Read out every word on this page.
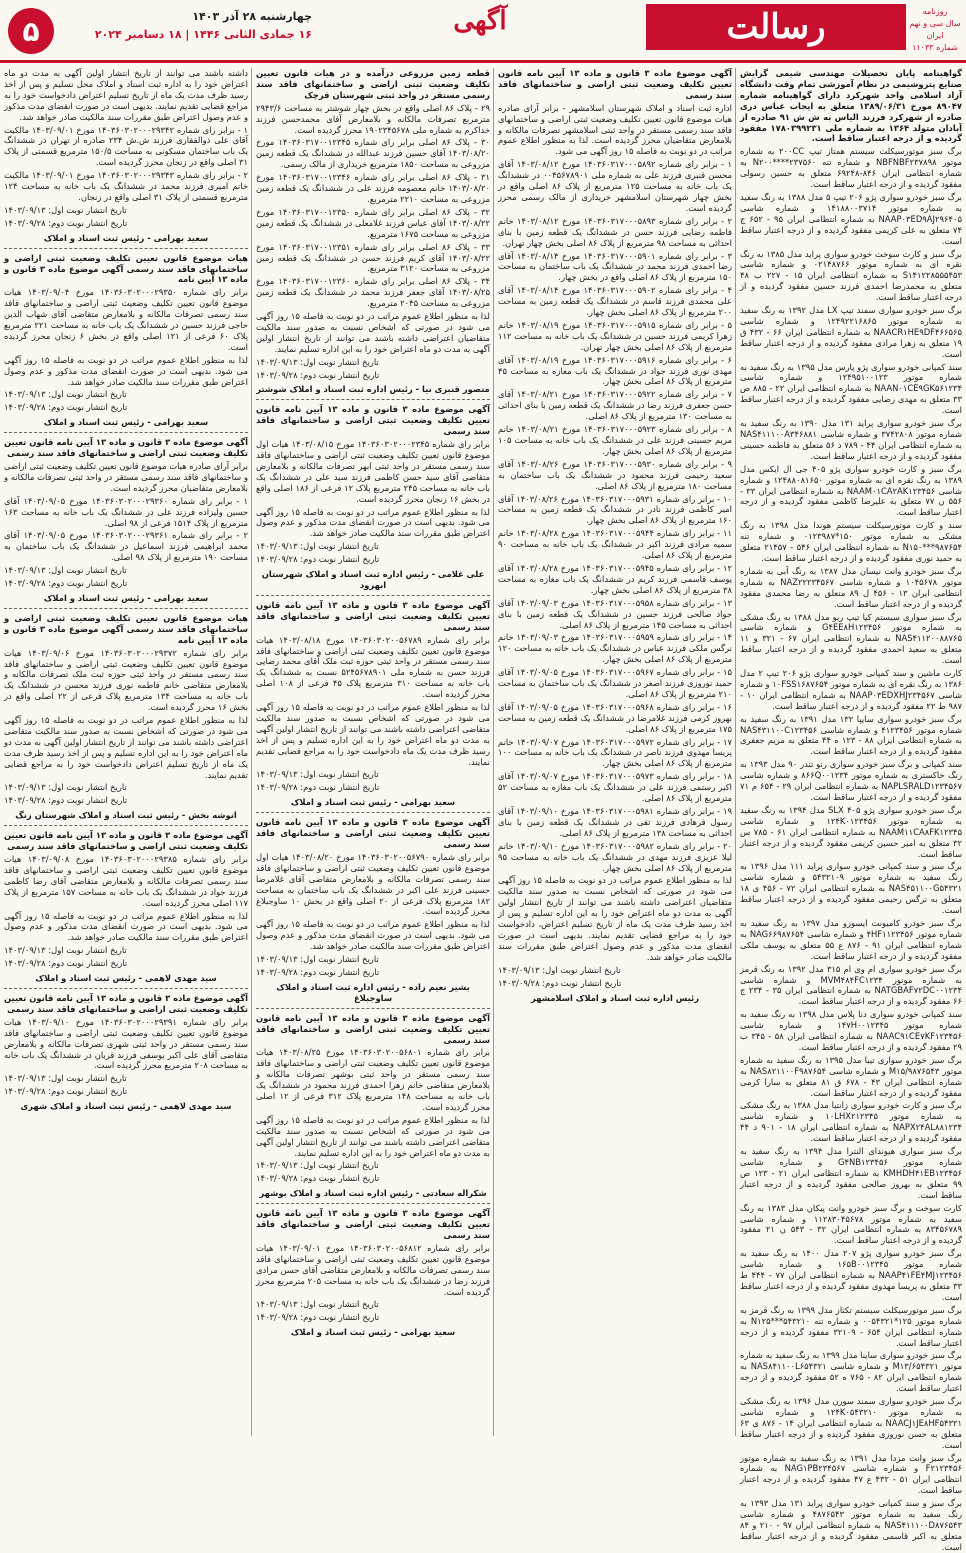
۵	چهارشنبه ۲۸ آذر ۱۴۰۳
۱۶ جمادی الثانی ۱۴۴۶ | ۱۸ دسامبر ۲۰۲۴	آگهی	رسالت	روزنامه
سال سی و نهم
ایران
شماره ۱۱۰۳۳

گواهینامه پایان تحصیلات مهندسی شیمی گرایش صنایع پتروشیمی در نظام آموزشی تمام وقت دانشگاه آزاد اسلامی واحد شهرکرد دارای گواهینامه شماره ۸۹۰۴۷ مورخ ۱۳۸۹/۰۶/۳۱ متعلق به ایجاب عباس دری صادره از شهرکرد فرزند الیاس به ش ش ۹۱ صادره از آبادان متولد ۱۳۶۴ به شماره ملی ۱۷۸۰۳۹۹۲۳۱ مفقود گردیده و از درجه اعتبار ساقط است.

برگ سبز موتورسیکلت سیستم همتاز تیپ ۲۰۰CC به شماره موتور NBFNBF۲۳۷۸۹۸ و شماره تنه N۲۰۰****۲۳۷۵۶۰ به شماره انتظامی ایران ۸۴۶-۶۹۲۴۸ متعلق به حسین رسولی مفقود گردیده و از درجه اعتبار ساقط است.

برگ سبز خودرو سواری پژو ۲۰۶ تیپ ۵ مدل ۱۳۸۸ به رنگ سفید به شماره موتور ۱۴۱۸۸۰۰۳۷۱۴ و شماره شاسی NAAP۰۳ED۹AJ۲۹۶۴۰۵ به شماره انتظامی ایران ۹۵ - ۶۵۲ ج ۷۴ متعلق به علی کریمی مفقود گردیده و از درجه اعتبار ساقط است.

برگ سبز و کارت سوخت خودرو سواری پراید مدل ۱۳۸۵ به رنگ نقره ای به شماره موتور ۰۲۱۴۸۷۶۶ و شماره شاسی S۱۴۱۲۲۸۵۵۵۴۵۳ به شماره انتظامی ایران ۱۵ - ۲۲۷ ب ۴۸ متعلق به محمدرضا احمدی فرزند حسین مفقود گردیده و از درجه اعتبار ساقط است.

برگ سبز خودرو سواری سمند تیپ LX مدل ۱۳۹۲ به رنگ سفید به شماره موتور ۱۲۴۹۲۲۱۶۸۶۵ و شماره شاسی NAACR۱HE۹DF۴۶۶۵۶۵ به شماره انتظامی ایران ۶۶ - ۴۳۲ ق ۱۹ متعلق به زهرا مرادی مفقود گردیده و از درجه اعتبار ساقط است.

سند کمپانی خودرو سواری پژو پارس مدل ۱۳۹۵ به رنگ سفید به شماره موتور ۱۲۴۹۵۱۰۰۱۲۳ و شماره شاسی NAAN۰۱CE۹GK۵۶۱۲۳۴ به شماره انتظامی ایران ۲۲ - ۸۸۵ ص ۳۳ متعلق به مهدی رضایی مفقود گردیده و از درجه اعتبار ساقط است.

برگ سبز خودرو سواری پراید ۱۳۱ مدل ۱۳۹۰ به رنگ سفید به شماره موتور ۳۷۴۲۸۰۸ و شماره شاسی NAS۴۱۱۱۰۰A۳۴۶۸۸۱ به شماره انتظامی ایران ۴۴ - ۷۸۹ د ۵۶ متعلق به فاطمه حسینی مفقود گردیده و از درجه اعتبار ساقط است.

برگ سبز و کارت خودرو سواری پژو ۴۰۵ جی ال ایکس مدل ۱۳۸۹ به رنگ نقره ای به شماره موتور ۱۲۴۸۸۰۸۱۶۵۰ و شماره شاسی NAAM۰۱CA۲AK۱۲۳۴۵۶ به شماره انتظامی ایران ۳۳ - ۵۵۶ ن ۷۷ متعلق به علیرضا کاظمی مفقود گردیده و از درجه اعتبار ساقط است.

سند و کارت موتورسیکلت سیستم هوندا مدل ۱۳۹۸ به رنگ مشکی به شماره موتور ۱۵۰*۰۱۲۳۹۸۷ و شماره تنه N۱۵۰***۹۸۷۶۵۴ به شماره انتظامی ایران ۵۴۶ - ۲۱۴۵۷ متعلق به حمید نوری مفقود گردیده و از درجه اعتبار ساقط است.

برگ سبز خودرو وانت نیسان مدل ۱۳۸۷ به رنگ آبی به شماره موتور ۱۰۴۵۶۷۸ و شماره شاسی NAZ۲۲۲۳۴۵۶۷ به شماره انتظامی ایران ۱۳ - ۴۵۶ ل ۸۹ متعلق به رضا محمدی مفقود گردیده و از درجه اعتبار ساقط است.

برگ سبز سواری سیستم کیا تیپ ریو مدل ۱۳۸۸ به رنگ مشکی به شماره موتور G۴EE۸H۱۲۳۴۵۶ و شماره شاسی NAS۴۱۱۲۰۰۸۸۷۶۵ به شماره انتظامی ایران ۶۷ - ۳۲۱ و ۱۱ متعلق به سعید احمدی مفقود گردیده و از درجه اعتبار ساقط است.

کارت ماشین و سند کمپانی خودرو سواری پژو ۲۰۶ تیپ ۲ مدل ۱۳۸۶ به رنگ نقره ای به شماره موتور ۱۰FSS۱۶۸۷۶۵۴ و شماره شاسی NAAP۰۳EDXHJ۲۳۴۵۶۷ به شماره انتظامی ایران ۱۰ - ۹۸۷ ط ۲۲ مفقود گردیده و از درجه اعتبار ساقط است.

برگ سبز خودرو سواری سایپا ۱۳۲ مدل ۱۳۹۱ به رنگ سفید به شماره موتور ۴۱۲۳۴۵۶ و شماره شاسی NAS۴۳۱۱۰۰C۱۲۳۴۵۶ به شماره انتظامی ایران ۸۸ - ۱۲۳ ه ۴۴ متعلق به مریم جعفری مفقود گردیده و از درجه اعتبار ساقط است.

سند کمپانی و برگ سبز خودرو سواری رنو تندر ۹۰ مدل ۱۳۹۳ به رنگ خاکستری به شماره موتور ۸۶۶Q۰۰۱۲۳۴ و شماره شاسی NAPLSRALD۱۲۳۴۵۶۷ به شماره انتظامی ایران ۲۹ - ۶۵۴ م ۷۱ مفقود گردیده و از درجه اعتبار ساقط است.

برگ سبز خودرو سواری پژو ۴۰۵ SLX مدل ۱۳۹۴ به رنگ سفید به شماره موتور ۱۲۴K۰۱۲۳۴۵۶ و شماره شاسی NAAM۱۱CA۸FK۱۲۳۴۵ به شماره انتظامی ایران ۶۱ - ۷۸۵ س ۳۲ متعلق به امیر حسین کریمی مفقود گردیده و از درجه اعتبار ساقط است.

برگ سبز و سند کمپانی خودرو سواری پراید ۱۱۱ مدل ۱۳۹۶ به رنگ سفید به شماره موتور ۵۴۳۲۱۰۹ و شماره شاسی NAS۴۵۱۱۰۰G۵۴۳۲۱ به شماره انتظامی ایران ۷۲ - ۴۵۶ ی ۱۸ متعلق به نرگس رحیمی مفقود گردیده و از درجه اعتبار ساقط است.

برگ سبز خودرو کامیونت ایسوزو مدل ۱۳۹۷ به رنگ سفید به شماره موتور ۴HF۱۱۲۳۴۵۶ و شماره شاسی NAG۶۶۹۸۷۶۵۴ به شماره انتظامی ایران ۹۱ - ۸۷۶ ع ۵۵ متعلق به یوسف ملکی مفقود گردیده و از درجه اعتبار ساقط است.

برگ سبز خودرو سواری ام وی ام ۳۱۵ مدل ۱۳۹۲ به رنگ قرمز به شماره موتور MVM۴۸۴FC۱۲۳۴ و شماره شاسی NATGBAF۷۲DC۰۰۱۲۳۴ به شماره انتظامی ایران ۳۵ - ۲۳۴ ج ۶۶ مفقود گردیده و از درجه اعتبار ساقط است.

سند کمپانی خودرو سواری دنا پلاس مدل ۱۳۹۸ به رنگ سفید به شماره موتور ۱۴۷H۰۰۱۲۳۴۵ و شماره شاسی NAAC۹۱CE۷KF۱۲۳۴۵۶ به شماره انتظامی ایران ۵۸ - ۳۴۵ ب ۲۹ مفقود گردیده و از درجه اعتبار ساقط است.

برگ سبز خودرو سواری تیبا مدل ۱۳۹۵ به رنگ سفید به شماره موتور M۱۵/۹۸۷۶۵۴۳ و شماره شاسی NAS۸۲۱۱۰۰F۹۸۷۶۵۴ به شماره انتظامی ایران ۴۳ - ۶۷۸ ق ۸۱ متعلق به سارا کرمی مفقود گردیده و از درجه اعتبار ساقط است.

برگ سبز و کارت خودرو سواری زانتیا مدل ۱۳۸۸ به رنگ مشکی به شماره موتور ۱۰LHX۲۱۲۳۴۵ و شماره شاسی NAPX۲۴AL۸۸۱۲۳۴ به شماره انتظامی ایران ۱۸ - ۹۰۱ د ۴۴ مفقود گردیده و از درجه اعتبار ساقط است.

برگ سبز سواری هیوندای النترا مدل ۱۳۹۴ به رنگ سفید به شماره موتور G۴NB۱۲۳۴۵۶ و شماره شاسی KMHDH۴۱EB۱۲۳۴۵۶ به شماره انتظامی ایران ۲۱ - ۱۲۳ ص ۹۹ متعلق به بهروز صالحی مفقود گردیده و از درجه اعتبار ساقط است.

کارت سوخت و برگ سبز خودرو وانت پیکان مدل ۱۳۸۳ به رنگ سفید به شماره موتور ۱۱۲۸۳۰۴۵۶۷۸ و شماره شاسی ۸۳۴۵۶۷۸۹ به شماره انتظامی ایران ۳۲ - ۵۴۳ ن ۲۱ مفقود گردیده و از درجه اعتبار ساقط است.

برگ سبز خودرو سواری پژو ۲۰۷ مدل ۱۴۰۰ به رنگ سفید به شماره موتور ۱۶۵B۰۰۱۲۳۴۵ و شماره شاسی NAAP۴۱FE۴MJ۱۲۳۴۵۶ به شماره انتظامی ایران ۷۷ - ۴۴۴ ط ۳۳ متعلق به پریسا مهدوی مفقود گردیده و از درجه اعتبار ساقط است.

برگ سبز موتورسیکلت سیستم تکتاز مدل ۱۳۹۹ به رنگ قرمز به شماره موتور ۱۲۵*۰۰۵۴۳۲۱ و شماره تنه N۱۲۵***۵۴۳۲۱۰ به شماره انتظامی ایران ۶۵۴ - ۳۲۱۰۹ مفقود گردیده و از درجه اعتبار ساقط است.

برگ سبز خودرو سواری ساینا مدل ۱۳۹۹ به رنگ سفید به شماره موتور M۱۳/۶۵۴۳۲۱ و شماره شاسی NAS۸۴۱۱۰۰L۶۵۴۳۲۱ به شماره انتظامی ایران ۸۲ - ۷۶۵ ه ۵۲ مفقود گردیده و از درجه اعتبار ساقط است.

برگ سبز خودرو سواری سمند سورن مدل ۱۳۹۶ به رنگ مشکی به شماره موتور ۱۲۴K۰۵۴۳۲۱۰ و شماره شاسی NAACJ۱JE۸HF۵۴۳۲۱ به شماره انتظامی ایران ۱۴ - ۸۷۶ ی ۶۳ متعلق به حسن نوروزی مفقود گردیده و از درجه اعتبار ساقط است.

برگ سبز وانت مزدا مدل ۱۳۹۱ به رنگ سفید به شماره موتور F۲۱۲۳۴۵۶ و شماره شاسی NAG۱PB۲۳۴۵۶۷ به شماره انتظامی ایران ۵۱ - ۴۳۲ ع ۴۷ مفقود گردیده و از درجه اعتبار ساقط است.

برگ سبز و سند کمپانی خودرو سواری پراید ۱۳۱ مدل ۱۳۹۳ به رنگ سفید به شماره موتور ۴۸۷۶۵۴۳ و شماره شاسی NAS۴۱۱۱۰۰D۸۷۶۵۴۳ به شماره انتظامی ایران ۹۷ - ۲۱۰ و ۸۴ متعلق به اکبر قاسمی مفقود گردیده و از درجه اعتبار ساقط است.

آگهی موضوع ماده ۳ قانون و ماده ۱۳ آیین نامه قانون تعیین تکلیف وضعیت ثبتی اراضی و ساختمانهای فاقد سند رسمی

اداره ثبت اسناد و املاک شهرستان اسلامشهر - برابر آرای صادره هیات موضوع قانون تعیین تکلیف وضعیت ثبتی اراضی و ساختمانهای فاقد سند رسمی مستقر در واحد ثبتی اسلامشهر تصرفات مالکانه و بلامعارض متقاضیان محرز گردیده است. لذا به منظور اطلاع عموم مراتب در دو نوبت به فاصله ۱۵ روز آگهی می شود.

۱ - برابر رای شماره ۱۴۰۳۶۰۳۱۷۰۰۰۵۸۹۲ مورخ ۱۴۰۳/۰۸/۱۲ آقای محسن قنبری فرزند علی به شماره ملی ۰۰۴۵۶۷۸۹۰۱ در ششدانگ یک باب خانه به مساحت ۱۲۵ مترمربع از پلاک ۸۶ اصلی واقع در بخش چهار شهرستان اسلامشهر خریداری از مالک رسمی محرز گردیده است.

۲ - برابر رای شماره ۱۴۰۳۶۰۳۱۷۰۰۰۵۸۹۳ مورخ ۱۴۰۳/۰۸/۱۲ خانم فاطمه رضایی فرزند حسن در ششدانگ یک قطعه زمین با بنای احداثی به مساحت ۹۸ مترمربع از پلاک ۸۶ اصلی بخش چهار تهران.

۳ - برابر رای شماره ۱۴۰۳۶۰۳۱۷۰۰۰۵۹۰۱ مورخ ۱۴۰۳/۰۸/۱۴ آقای رضا احمدی فرزند محمد در ششدانگ یک باب ساختمان به مساحت ۱۵۰ مترمربع از پلاک ۸۶ اصلی واقع در بخش چهار.

۴ - برابر رای شماره ۱۴۰۳۶۰۳۱۷۰۰۰۵۹۰۲ مورخ ۱۴۰۳/۰۸/۱۴ آقای علی محمدی فرزند قاسم در ششدانگ یک قطعه زمین به مساحت ۲۰۰ مترمربع از پلاک ۸۶ اصلی بخش چهار.

۵ - برابر رای شماره ۱۴۰۳۶۰۳۱۷۰۰۰۵۹۱۵ مورخ ۱۴۰۳/۰۸/۱۹ خانم زهرا کریمی فرزند حسین در ششدانگ یک باب خانه به مساحت ۱۱۲ مترمربع از پلاک ۸۶ اصلی بخش چهار تهران.

۶ - برابر رای شماره ۱۴۰۳۶۰۳۱۷۰۰۰۵۹۱۶ مورخ ۱۴۰۳/۰۸/۱۹ آقای مهدی نوری فرزند جواد در ششدانگ یک باب مغازه به مساحت ۴۵ مترمربع از پلاک ۸۶ اصلی بخش چهار.

۷ - برابر رای شماره ۱۴۰۳۶۰۳۱۷۰۰۰۵۹۲۲ مورخ ۱۴۰۳/۰۸/۲۱ آقای حسن جعفری فرزند رضا در ششدانگ یک قطعه زمین با بنای احداثی به مساحت ۱۳۰ مترمربع از پلاک ۸۶ اصلی.

۸ - برابر رای شماره ۱۴۰۳۶۰۳۱۷۰۰۰۵۹۲۳ مورخ ۱۴۰۳/۰۸/۲۱ خانم مریم حسینی فرزند علی در ششدانگ یک باب خانه به مساحت ۱۰۵ مترمربع از پلاک ۸۶ اصلی بخش چهار.

۹ - برابر رای شماره ۱۴۰۳۶۰۳۱۷۰۰۰۵۹۳۰ مورخ ۱۴۰۳/۰۸/۲۶ آقای سعید رحیمی فرزند محمود در ششدانگ یک باب ساختمان به مساحت ۱۸۰ مترمربع از پلاک ۸۶ اصلی.

۱۰ - برابر رای شماره ۱۴۰۳۶۰۳۱۷۰۰۰۵۹۳۱ مورخ ۱۴۰۳/۰۸/۲۶ آقای امیر کاظمی فرزند نادر در ششدانگ یک قطعه زمین به مساحت ۱۶۰ مترمربع از پلاک ۸۶ اصلی بخش چهار.

۱۱ - برابر رای شماره ۱۴۰۳۶۰۳۱۷۰۰۰۵۹۴۴ مورخ ۱۴۰۳/۰۸/۲۸ خانم سمیه مرادی فرزند اکبر در ششدانگ یک باب خانه به مساحت ۹۰ مترمربع از پلاک ۸۶ اصلی.

۱۲ - برابر رای شماره ۱۴۰۳۶۰۳۱۷۰۰۰۵۹۴۵ مورخ ۱۴۰۳/۰۸/۲۸ آقای یوسف قاسمی فرزند کریم در ششدانگ یک باب مغازه به مساحت ۳۸ مترمربع از پلاک ۸۶ اصلی بخش چهار.

۱۳ - برابر رای شماره ۱۴۰۳۶۰۳۱۷۰۰۰۵۹۵۸ مورخ ۱۴۰۳/۰۹/۰۳ آقای جواد صالحی فرزند حسین در ششدانگ یک قطعه زمین با بنای احداثی به مساحت ۱۴۵ مترمربع از پلاک ۸۶ اصلی.

۱۴ - برابر رای شماره ۱۴۰۳۶۰۳۱۷۰۰۰۵۹۵۹ مورخ ۱۴۰۳/۰۹/۰۳ خانم نرگس ملکی فرزند عباس در ششدانگ یک باب خانه به مساحت ۱۲۰ مترمربع از پلاک ۸۶ اصلی بخش چهار.

۱۵ - برابر رای شماره ۱۴۰۳۶۰۳۱۷۰۰۰۵۹۶۷ مورخ ۱۴۰۳/۰۹/۰۵ آقای حمید نوروزی فرزند اصغر در ششدانگ یک باب ساختمان به مساحت ۲۱۰ مترمربع از پلاک ۸۶ اصلی.

۱۶ - برابر رای شماره ۱۴۰۳۶۰۳۱۷۰۰۰۵۹۶۸ مورخ ۱۴۰۳/۰۹/۰۵ آقای بهروز کرمی فرزند غلامرضا در ششدانگ یک قطعه زمین به مساحت ۱۷۵ مترمربع از پلاک ۸۶ اصلی.

۱۷ - برابر رای شماره ۱۴۰۳۶۰۳۱۷۰۰۰۵۹۷۲ مورخ ۱۴۰۳/۰۹/۰۷ خانم پریسا مهدوی فرزند ناصر در ششدانگ یک باب خانه به مساحت ۱۰۰ مترمربع از پلاک ۸۶ اصلی بخش چهار.

۱۸ - برابر رای شماره ۱۴۰۳۶۰۳۱۷۰۰۰۵۹۷۳ مورخ ۱۴۰۳/۰۹/۰۷ آقای اکبر رستمی فرزند علی در ششدانگ یک باب مغازه به مساحت ۵۲ مترمربع از پلاک ۸۶ اصلی.

۱۹ - برابر رای شماره ۱۴۰۳۶۰۳۱۷۰۰۰۵۹۸۱ مورخ ۱۴۰۳/۰۹/۱۰ آقای رسول فرهادی فرزند تقی در ششدانگ یک قطعه زمین با بنای احداثی به مساحت ۱۳۸ مترمربع از پلاک ۸۶ اصلی.

۲۰ - برابر رای شماره ۱۴۰۳۶۰۳۱۷۰۰۰۵۹۸۲ مورخ ۱۴۰۳/۰۹/۱۰ خانم لیلا عزیزی فرزند مهدی در ششدانگ یک باب خانه به مساحت ۹۵ مترمربع از پلاک ۸۶ اصلی بخش چهار.

لذا به منظور اطلاع عموم مراتب در دو نوبت به فاصله ۱۵ روز آگهی می شود در صورتی که اشخاص نسبت به صدور سند مالکیت متقاضیان اعتراضی داشته باشند می توانند از تاریخ انتشار اولین آگهی به مدت دو ماه اعتراض خود را به این اداره تسلیم و پس از اخذ رسید ظرف مدت یک ماه از تاریخ تسلیم اعتراض، دادخواست خود را به مراجع قضایی تقدیم نمایند. بدیهی است در صورت انقضای مدت مذکور و عدم وصول اعتراض طبق مقررات سند مالکیت صادر خواهد شد.

تاریخ انتشار نوبت اول: ۱۴۰۳/۰۹/۱۳

تاریخ انتشار نوبت دوم: ۱۴۰۳/۰۹/۲۸

رئیس اداره ثبت اسناد و املاک اسلامشهر

قطعه زمین مزروعی درآمده و در هیات قانون تعیین تکلیف وضعیت ثبتی اراضی و ساختمانهای فاقد سند رسمی مستقر در واحد ثبتی شهرستان قرچک

۲۹ - پلاک ۸۶ اصلی واقع در بخش چهار شوشتر به مساحت ۲۹۴۳/۶ مترمربع تصرفات مالکانه و بلامعارض آقای محمدحسن فرزند خداکرم به شماره ملی ۱۹۰۲۳۴۵۶۷۸ محرز گردیده است.

۳۰ - پلاک ۸۶ اصلی برابر رای شماره ۱۴۰۳۶۰۳۱۷۰۰۱۲۳۴۵ مورخ ۱۴۰۳/۰۸/۲۰ آقای حسین فرزند عبدالله در ششدانگ یک قطعه زمین مزروعی به مساحت ۱۸۵۰ مترمربع خریداری از مالک رسمی.

۳۱ - پلاک ۸۶ اصلی برابر رای شماره ۱۴۰۳۶۰۳۱۷۰۰۱۲۳۴۶ مورخ ۱۴۰۳/۰۸/۲۰ خانم معصومه فرزند علی در ششدانگ یک قطعه زمین مزروعی به مساحت ۲۲۱۰ مترمربع.

۳۲ - پلاک ۸۶ اصلی برابر رای شماره ۱۴۰۳۶۰۳۱۷۰۰۱۲۳۵۰ مورخ ۱۴۰۳/۰۸/۲۲ آقای عباس فرزند غلامعلی در ششدانگ یک قطعه زمین مزروعی به مساحت ۱۶۷۵ مترمربع.

۳۳ - پلاک ۸۶ اصلی برابر رای شماره ۱۴۰۳۶۰۳۱۷۰۰۱۲۳۵۱ مورخ ۱۴۰۳/۰۸/۲۲ آقای کریم فرزند حسن در ششدانگ یک قطعه زمین مزروعی به مساحت ۳۱۲۰ مترمربع.

۳۴ - پلاک ۸۶ اصلی برابر رای شماره ۱۴۰۳۶۰۳۱۷۰۰۱۲۳۶۰ مورخ ۱۴۰۳/۰۸/۲۵ آقای جعفر فرزند محمد در ششدانگ یک قطعه زمین مزروعی به مساحت ۲۰۴۵ مترمربع.

لذا به منظور اطلاع عموم مراتب در دو نوبت به فاصله ۱۵ روز آگهی می شود در صورتی که اشخاص نسبت به صدور سند مالکیت متقاضیان اعتراضی داشته باشند می توانند از تاریخ انتشار اولین آگهی به مدت دو ماه اعتراض خود را به این اداره تسلیم نمایند.

تاریخ انتشار نوبت اول: ۱۴۰۳/۰۹/۱۳

تاریخ انتشار نوبت دوم: ۱۴۰۳/۰۹/۲۸

منصور قنبری نیا - رئیس اداره ثبت اسناد و املاک شوشتر

آگهی موضوع ماده ۳ قانون و ماده ۱۳ آیین نامه قانون تعیین تکلیف وضعیت ثبتی اراضی و ساختمانهای فاقد سند رسمی

برابر رای شماره ۱۴۰۳۶۰۳۰۲۰۰۰۲۳۴۵ مورخ ۱۴۰۳/۰۸/۱۵ هیات اول موضوع قانون تعیین تکلیف وضعیت ثبتی اراضی و ساختمانهای فاقد سند رسمی مستقر در واحد ثبتی ابهر تصرفات مالکانه و بلامعارض متقاضی آقای سید حسن کاظمی فرزند سید علی در ششدانگ یک باب خانه به مساحت ۲۴۵ مترمربع پلاک ۱۲ فرعی از ۱۸۶ اصلی واقع در بخش ۱۶ زنجان محرز گردیده است.

لذا به منظور اطلاع عموم مراتب در دو نوبت به فاصله ۱۵ روز آگهی می شود. بدیهی است در صورت انقضای مدت مذکور و عدم وصول اعتراض طبق مقررات سند مالکیت صادر خواهد شد.

تاریخ انتشار نوبت اول: ۱۴۰۳/۰۹/۱۳

تاریخ انتشار نوبت دوم: ۱۴۰۳/۰۹/۲۸

علی غلامی - رئیس اداره ثبت اسناد و املاک شهرستان ابهرود

آگهی موضوع ماده ۳ قانون و ماده ۱۳ آیین نامه قانون تعیین تکلیف وضعیت ثبتی اراضی و ساختمانهای فاقد سند رسمی

برابر رای شماره ۱۴۰۳۶۰۳۰۲۰۰۵۶۷۸۹ مورخ ۱۴۰۳/۰۸/۱۸ هیات موضوع قانون تعیین تکلیف وضعیت ثبتی اراضی و ساختمانهای فاقد سند رسمی مستقر در واحد ثبتی حوزه ثبت ملک آقای محمد رضایی فرزند حسن به شماره ملی ۵۲۴۵۶۷۸۹۰۱ نسبت به ششدانگ یک باب خانه به مساحت ۳۱۰ مترمربع پلاک ۴۵ فرعی از ۱۰۸ اصلی محرز گردیده است.

لذا به منظور اطلاع عموم مراتب در دو نوبت به فاصله ۱۵ روز آگهی می شود در صورتی که اشخاص نسبت به صدور سند مالکیت متقاضی اعتراضی داشته باشند می توانند از تاریخ انتشار اولین آگهی به مدت دو ماه اعتراض خود را به این اداره تسلیم و پس از اخذ رسید ظرف مدت یک ماه دادخواست خود را به مراجع قضایی تقدیم نمایند.

تاریخ انتشار نوبت اول: ۱۴۰۳/۰۹/۱۳

تاریخ انتشار نوبت دوم: ۱۴۰۳/۰۹/۲۸

سعید بهرامی - رئیس ثبت اسناد و املاک

آگهی موضوع ماده ۳ قانون و ماده ۱۳ آیین نامه قانون تعیین تکلیف وضعیت ثبتی اراضی و ساختمانهای فاقد سند رسمی

برابر رای شماره ۱۴۰۳۶۰۳۰۲۰۰۵۶۷۹۰ مورخ ۱۴۰۳/۰۸/۲۰ هیات اول موضوع قانون تعیین تکلیف وضعیت ثبتی اراضی و ساختمانهای فاقد سند رسمی تصرفات مالکانه و بلامعارض متقاضی آقای غلامرضا حسینی فرزند علی اکبر در ششدانگ یک باب ساختمان به مساحت ۱۸۲ مترمربع پلاک فرعی از ۲۰ اصلی واقع در بخش ۱۰ ساوجبلاغ محرز گردیده است.

لذا به منظور اطلاع عموم مراتب در دو نوبت به فاصله ۱۵ روز آگهی می شود. بدیهی است در صورت انقضای مدت مذکور و عدم وصول اعتراض طبق مقررات سند مالکیت صادر خواهد شد.

تاریخ انتشار نوبت اول: ۱۴۰۳/۰۹/۱۳

تاریخ انتشار نوبت دوم: ۱۴۰۳/۰۹/۲۸

بشیر نعیم زاده - رئیس اداره ثبت اسناد و املاک ساوجبلاغ

آگهی موضوع ماده ۳ قانون و ماده ۱۳ آیین نامه قانون تعیین تکلیف وضعیت ثبتی اراضی و ساختمانهای فاقد سند رسمی

برابر رای شماره ۱۴۰۳۶۰۳۰۲۰۰۵۶۸۰۱ مورخ ۱۴۰۳/۰۸/۲۵ هیات موضوع قانون تعیین تکلیف وضعیت ثبتی اراضی و ساختمانهای فاقد سند رسمی مستقر در واحد ثبتی بوشهر تصرفات مالکانه و بلامعارض متقاضی خانم زهرا احمدی فرزند محمود در ششدانگ یک باب خانه به مساحت ۱۴۸ مترمربع پلاک ۳۱۲ فرعی از ۱۲ اصلی محرز گردیده است.

لذا به منظور اطلاع عموم مراتب در دو نوبت به فاصله ۱۵ روز آگهی می شود در صورتی که اشخاص نسبت به صدور سند مالکیت متقاضی اعتراضی داشته باشند می توانند از تاریخ انتشار اولین آگهی به مدت دو ماه اعتراض خود را به این اداره تسلیم نمایند.

تاریخ انتشار نوبت اول: ۱۴۰۳/۰۹/۱۳

تاریخ انتشار نوبت دوم: ۱۴۰۳/۰۹/۲۸

شکراله سعادتی - رئیس اداره ثبت اسناد و املاک بوشهر

آگهی موضوع ماده ۳ قانون و ماده ۱۳ آیین نامه قانون تعیین تکلیف وضعیت ثبتی اراضی و ساختمانهای فاقد سند رسمی

برابر رای شماره ۱۴۰۳۶۰۳۰۲۰۰۵۶۸۱۲ مورخ ۱۴۰۳/۰۹/۰۱ هیات موضوع قانون تعیین تکلیف وضعیت ثبتی اراضی و ساختمانهای فاقد سند رسمی تصرفات مالکانه و بلامعارض متقاضی آقای حسن مرادی فرزند رضا در ششدانگ یک باب خانه به مساحت ۲۰۵ مترمربع محرز گردیده است.

تاریخ انتشار نوبت اول: ۱۴۰۳/۰۹/۱۳

تاریخ انتشار نوبت دوم: ۱۴۰۳/۰۹/۲۸

سعید بهرامی - رئیس ثبت اسناد و املاک

داشته باشند می توانند از تاریخ انتشار اولین آگهی به مدت دو ماه اعتراض خود را به اداره ثبت اسناد و املاک محل تسلیم و پس از اخذ رسید ظرف مدت یک ماه از تاریخ تسلیم اعتراض دادخواست خود را به مراجع قضایی تقدیم نمایند. بدیهی است در صورت انقضای مدت مذکور و عدم وصول اعتراض طبق مقررات سند مالکیت صادر خواهد شد.

۱ - برابر رای شماره ۱۴۰۳۶۰۳۰۲۰۰۰۲۹۳۴۲ مورخ ۱۴۰۳/۰۹/۰۱ مالکیت آقای علی ذوالفقاری فرزند ش.ش ۲۳۴ صادره از تهران در ششدانگ یک باب ساختمان مسکونی به مساحت ۱۵۰/۵ مترمربع قسمتی از پلاک ۳۱ اصلی واقع در زنجان محرز گردیده است.

۲ - برابر رای شماره ۱۴۰۳۶۰۳۰۲۰۰۰۲۹۳۴۳ مورخ ۱۴۰۳/۰۹/۰۱ مالکیت خانم امیری فرزند محمد در ششدانگ یک باب خانه به مساحت ۱۲۴ مترمربع قسمتی از پلاک ۳۱ اصلی واقع در زنجان.

تاریخ انتشار نوبت اول: ۱۴۰۳/۰۹/۱۳

تاریخ انتشار نوبت دوم: ۱۴۰۳/۰۹/۲۸

سعید بهرامی - رئیس ثبت اسناد و املاک

هیات موضوع قانون تعیین تکلیف وضعیت ثبتی اراضی و ساختمانهای فاقد سند رسمی آگهی موضوع ماده ۳ قانون و ماده ۱۳ آیین نامه

برابر رای شماره ۱۴۰۳۶۰۳۰۲۰۰۰۲۹۳۵۰ مورخ ۱۴۰۳/۰۹/۰۴ هیات موضوع قانون تعیین تکلیف وضعیت ثبتی اراضی و ساختمانهای فاقد سند رسمی تصرفات مالکانه و بلامعارض متقاضی آقای شهاب الدین حاجی فرزند حسین در ششدانگ یک باب خانه به مساحت ۲۲۱ مترمربع پلاک ۶۰ فرعی از ۱۲۱ اصلی واقع در بخش ۶ زنجان محرز گردیده است.

لذا به منظور اطلاع عموم مراتب در دو نوبت به فاصله ۱۵ روز آگهی می شود. بدیهی است در صورت انقضای مدت مذکور و عدم وصول اعتراض طبق مقررات سند مالکیت صادر خواهد شد.

تاریخ انتشار نوبت اول: ۱۴۰۳/۰۹/۱۳

تاریخ انتشار نوبت دوم: ۱۴۰۳/۰۹/۲۸

سعید بهرامی - رئیس ثبت اسناد و املاک

آگهی موضوع ماده ۳ قانون و ماده ۱۳ آیین نامه قانون تعیین تکلیف وضعیت ثبتی اراضی و ساختمانهای فاقد سند رسمی

برابر آرای صادره هیات موضوع قانون تعیین تکلیف وضعیت ثبتی اراضی و ساختمانهای فاقد سند رسمی مستقر در واحد ثبتی تصرفات مالکانه و بلامعارض متقاضیان محرز گردیده است.

۱ - برابر رای شماره ۱۴۰۳۶۰۳۰۲۰۰۰۲۹۳۶۰ مورخ ۱۴۰۳/۰۹/۰۵ آقای حسین ولیزاده فرزند علی در ششدانگ یک باب خانه به مساحت ۱۶۳ مترمربع از پلاک ۱۵۱۴ فرعی از ۹۸ اصلی.

۲ - برابر رای شماره ۱۴۰۳۶۰۳۰۲۰۰۰۲۹۳۶۱ مورخ ۱۴۰۳/۰۹/۰۵ آقای محمد ابراهیمی فرزند اسماعیل در ششدانگ یک باب ساختمان به مساحت ۱۹۰ مترمربع از پلاک ۹۸ اصلی.

تاریخ انتشار نوبت اول: ۱۴۰۳/۰۹/۱۳

تاریخ انتشار نوبت دوم: ۱۴۰۳/۰۹/۲۸

سعید بهرامی - رئیس ثبت اسناد و املاک

هیات موضوع قانون تعیین تکلیف وضعیت ثبتی اراضی و ساختمانهای فاقد سند رسمی آگهی موضوع ماده ۳ قانون و ماده ۱۳ آیین نامه

برابر رای شماره ۱۴۰۳۶۰۳۰۲۰۰۰۲۹۳۷۲ مورخ ۱۴۰۳/۰۹/۰۶ هیات موضوع قانون تعیین تکلیف وضعیت ثبتی اراضی و ساختمانهای فاقد سند رسمی مستقر در واحد ثبتی حوزه ثبت ملک تصرفات مالکانه و بلامعارض متقاضی خانم فاطمه نوری فرزند محسن در ششدانگ یک باب خانه به مساحت ۱۳۴ مترمربع پلاک فرعی از ۲۲ اصلی واقع در بخش ۱۶ محرز گردیده است.

لذا به منظور اطلاع عموم مراتب در دو نوبت به فاصله ۱۵ روز آگهی می شود در صورتی که اشخاص نسبت به صدور سند مالکیت متقاضی اعتراضی داشته باشند می توانند از تاریخ انتشار اولین آگهی به مدت دو ماه اعتراض خود را به این اداره تسلیم و پس از اخذ رسید ظرف مدت یک ماه از تاریخ تسلیم اعتراض دادخواست خود را به مراجع قضایی تقدیم نمایند.

تاریخ انتشار نوبت اول: ۱۴۰۳/۰۹/۱۳

تاریخ انتشار نوبت دوم: ۱۴۰۳/۰۹/۲۸

انوشه بخش - رئیس ثبت اسناد و املاک شهرستان زنگ

آگهی موضوع ماده ۳ قانون و ماده ۱۳ آیین نامه قانون تعیین تکلیف وضعیت ثبتی اراضی و ساختمانهای فاقد سند رسمی

برابر رای شماره ۱۴۰۳۶۰۳۰۲۰۰۰۲۹۳۸۵ مورخ ۱۴۰۳/۰۹/۰۸ هیات موضوع قانون تعیین تکلیف وضعیت ثبتی اراضی و ساختمانهای فاقد سند رسمی تصرفات مالکانه و بلامعارض متقاضی آقای رضا کاظمی فرزند جواد در ششدانگ یک باب خانه به مساحت ۱۵۷ مترمربع از پلاک ۱۱۷ اصلی محرز گردیده است.

لذا به منظور اطلاع عموم مراتب در دو نوبت به فاصله ۱۵ روز آگهی می شود. بدیهی است در صورت انقضای مدت مذکور و عدم وصول اعتراض طبق مقررات سند مالکیت صادر خواهد شد.

تاریخ انتشار نوبت اول: ۱۴۰۳/۰۹/۱۳

تاریخ انتشار نوبت دوم: ۱۴۰۳/۰۹/۲۸

سید مهدی لاهمی - رئیس ثبت اسناد و املاک

آگهی موضوع ماده ۳ قانون و ماده ۱۳ آیین نامه قانون تعیین تکلیف وضعیت ثبتی اراضی و ساختمانهای فاقد سند رسمی

برابر رای شماره ۱۴۰۳۶۰۳۰۲۰۰۰۲۹۳۹۱ مورخ ۱۴۰۳/۰۹/۱۰ هیات موضوع قانون تعیین تکلیف وضعیت ثبتی اراضی و ساختمانهای فاقد سند رسمی مستقر در واحد ثبتی شهری تصرفات مالکانه و بلامعارض متقاضی آقای علی اکبر یوسفی فرزند قربان در ششدانگ یک باب خانه به مساحت ۲۰۸ مترمربع محرز گردیده است.

تاریخ انتشار نوبت اول: ۱۴۰۳/۰۹/۱۳

تاریخ انتشار نوبت دوم: ۱۴۰۳/۰۹/۲۸

سید مهدی لاهمی - رئیس ثبت اسناد و املاک شهری
